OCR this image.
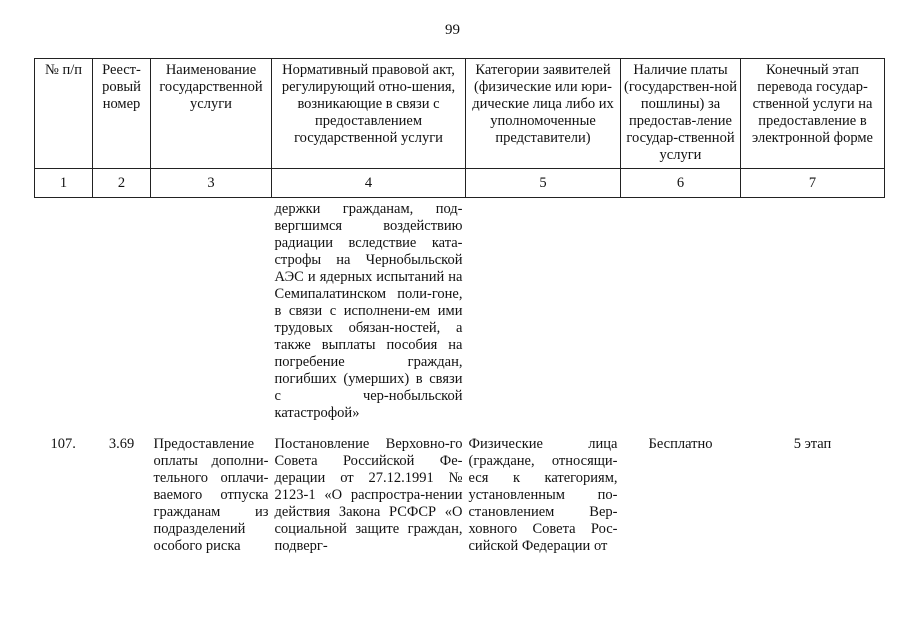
99
№ п/п	Реест-ровый номер	Наименование государственной услуги	Нормативный правовой акт, регулирующий отно-шения, возникающие в связи с предоставлением государственной услуги	Категории заявителей (физические или юри-дические лица либо их уполномоченные представители)	Наличие платы (государствен-ной пошлины) за предостав-ление государ-ственной услуги	Конечный этап перевода государ-ственной услуги на предоставление в электронной форме
1	2	3	4	5	6	7
			держки гражданам, под-вергшимся воздействию радиации вследствие ката-строфы на Чернобыльской АЭС и ядерных испытаний на Семипалатинском поли-гоне, в связи с исполнени-ем ими трудовых обязан-ностей, а также выплаты пособия на погребение граждан, погибших (умерших) в связи с чер-нобыльской катастрофой»			
107.	3.69	Предоставление оплаты дополни-тельного оплачи-ваемого отпуска гражданам из подразделений особого риска	Постановление Верховно-го Совета Российской Фе-дерации от 27.12.1991 № 2123-1 «О распростра-нении действия Закона РСФСР «О социальной защите граждан, подверг-	Физические лица (граждане, относящи-еся к категориям, установленным по-становлением Вер-ховного Совета Рос-сийской Федерации от	Бесплатно	5 этап
